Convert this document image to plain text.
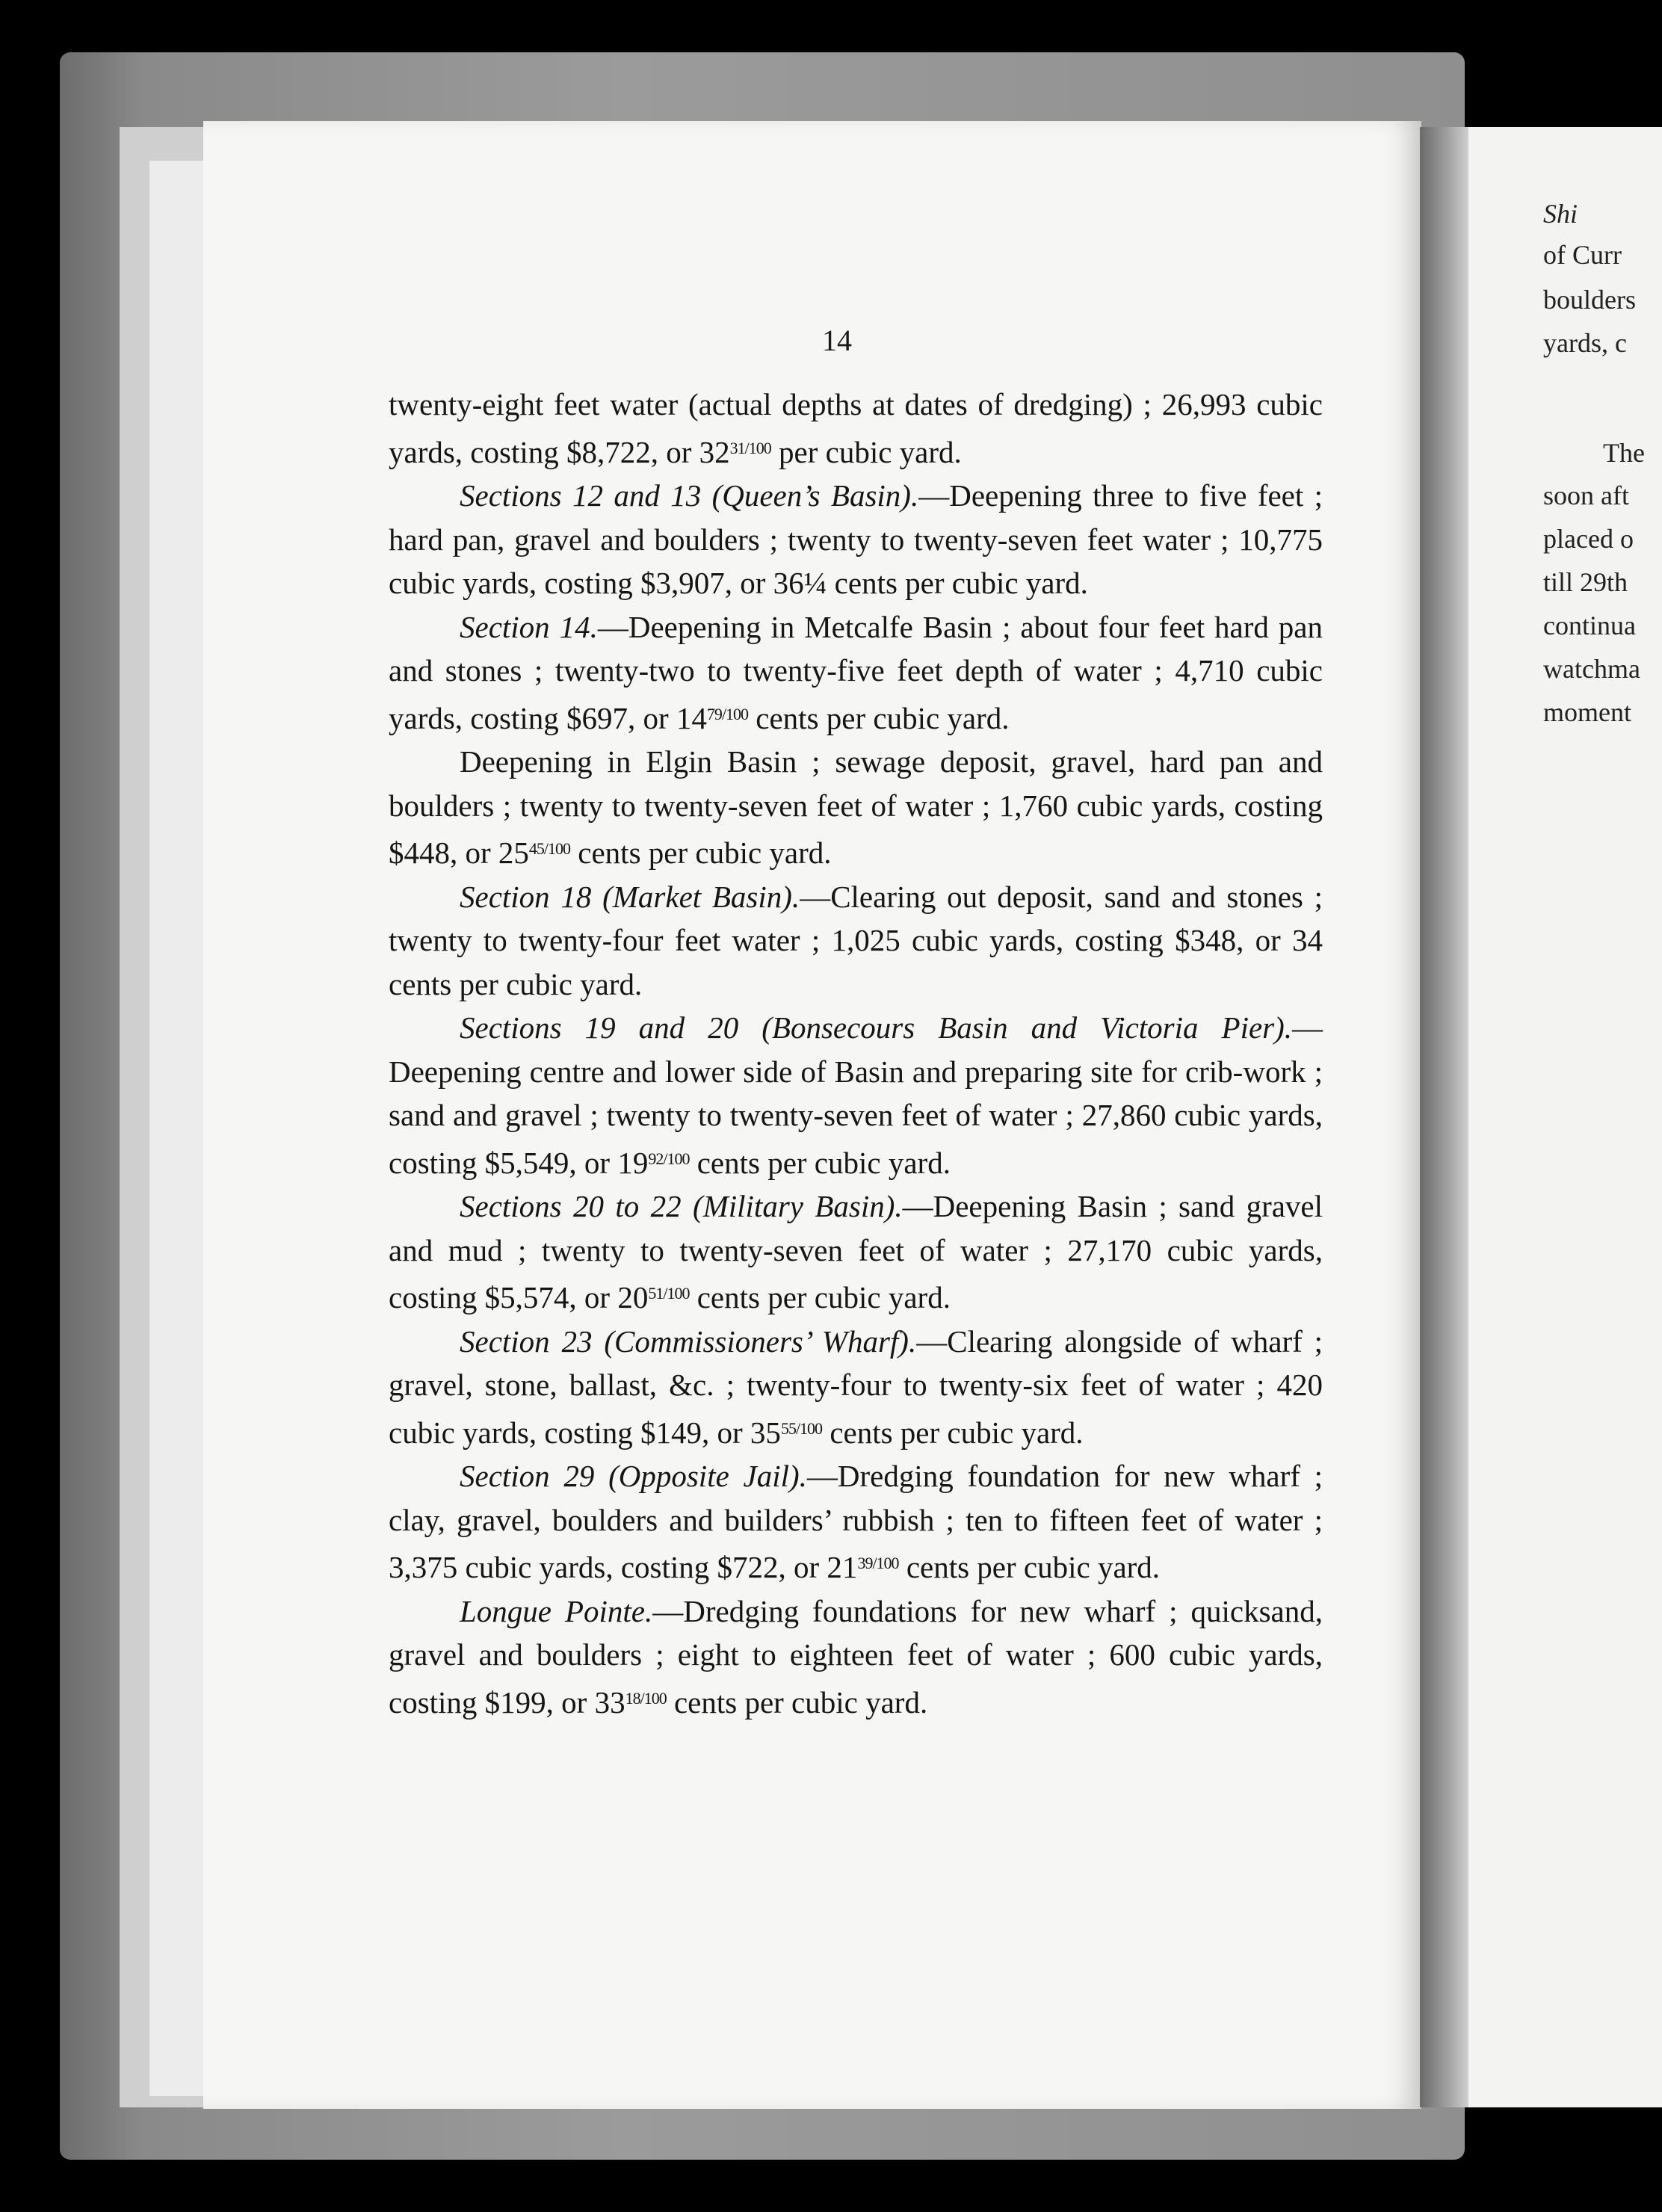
Shi
of Curr
boulders
yards, c
The
soon aft
placed o
till 29th
continua
watchma
moment
14

twenty-eight feet water (actual depths at dates of dredging) ; 26,993 cubic yards, costing $8,722, or $32^{31/100}$ per cubic yard.

Sections 12 and 13 (Queen’s Basin).—Deepening three to five feet ; hard pan, gravel and boulders ; twenty to twenty-seven feet water ; 10,775 cubic yards, costing $3,907, or 36¼ cents per cubic yard.

Section 14.—Deepening in Metcalfe Basin ; about four feet hard pan and stones ; twenty-two to twenty-five feet depth of water ; 4,710 cubic yards, costing $697, or $14^{79/100}$ cents per cubic yard.

Deepening in Elgin Basin ; sewage deposit, gravel, hard pan and boulders ; twenty to twenty-seven feet of water ; 1,760 cubic yards, costing $448, or $25^{45/100}$ cents per cubic yard.

Section 18 (Market Basin).—Clearing out deposit, sand and stones ; twenty to twenty-four feet water ; 1,025 cubic yards, costing $348, or 34 cents per cubic yard.

Sections 19 and 20 (Bonsecours Basin and Victoria Pier).—Deepening centre and lower side of Basin and preparing site for crib-work ; sand and gravel ; twenty to twenty-seven feet of water ; 27,860 cubic yards, costing $5,549, or $19^{92/100}$ cents per cubic yard.

Sections 20 to 22 (Military Basin).—Deepening Basin ; sand gravel and mud ; twenty to twenty-seven feet of water ; 27,170 cubic yards, costing $5,574, or $20^{51/100}$ cents per cubic yard.

Section 23 (Commissioners’ Wharf).—Clearing alongside of wharf ; gravel, stone, ballast, &c. ; twenty-four to twenty-six feet of water ; 420 cubic yards, costing $149, or $35^{55/100}$ cents per cubic yard.

Section 29 (Opposite Jail).—Dredging foundation for new wharf ; clay, gravel, boulders and builders’ rubbish ; ten to fifteen feet of water ; 3,375 cubic yards, costing $722, or $21^{39/100}$ cents per cubic yard.

Longue Pointe.—Dredging foundations for new wharf ; quicksand, gravel and boulders ; eight to eighteen feet of water ; 600 cubic yards, costing $199, or $33^{18/100}$ cents per cubic yard.
